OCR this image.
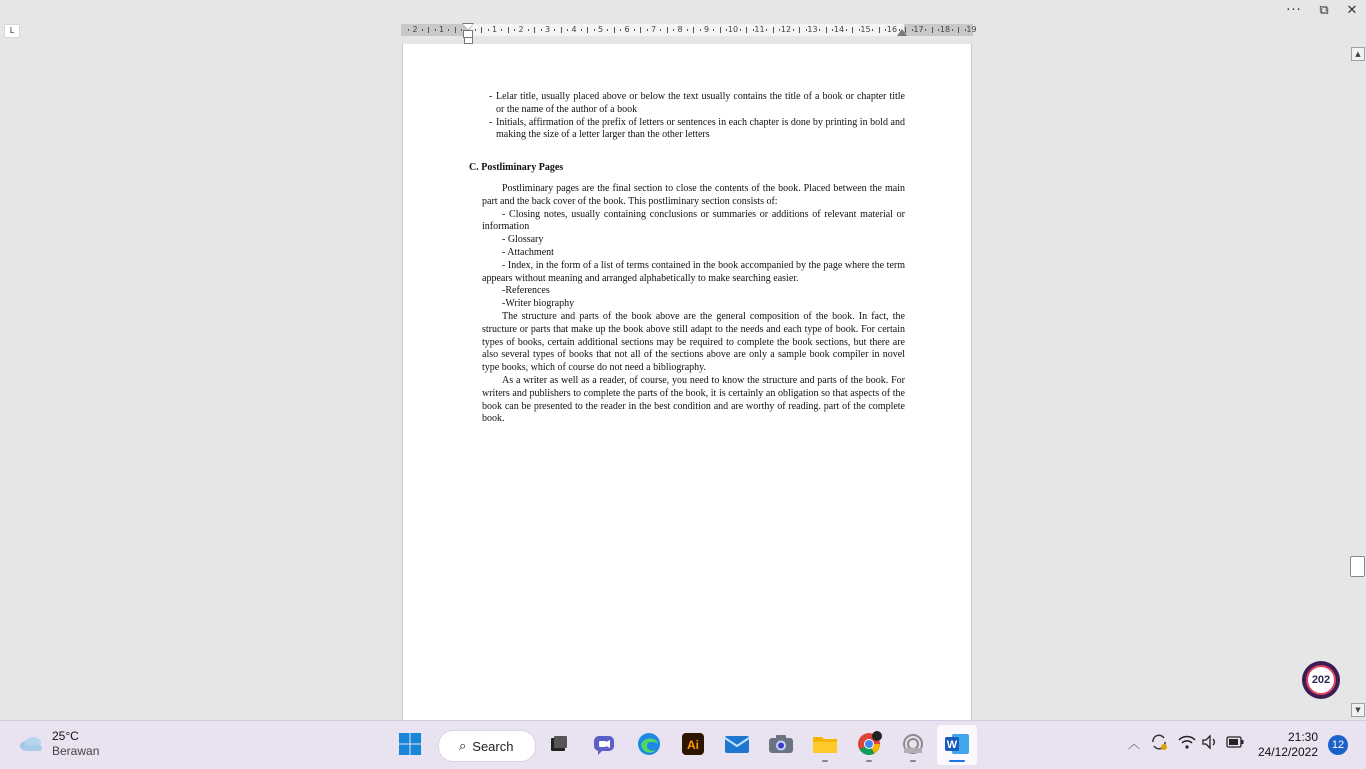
··· ⧉ ✕
L	2	1	1	2	3	4	5	6	7	8	9 10 11 12 13 14 15 16 17 18 19
- Lelar title, usually placed above or below the text usually contains the title of a book or chapter title or the name of the author of a book
- Initials, affirmation of the prefix of letters or sentences in each chapter is done by printing in bold and making the size of a letter larger than the other letters
C. Postliminary Pages
Postliminary pages are the final section to close the contents of the book. Placed between the main part and the back cover of the book. This postliminary section consists of:
- Closing notes, usually containing conclusions or summaries or additions of relevant material or information
- Glossary
- Attachment
- Index, in the form of a list of terms contained in the book accompanied by the page where the term appears without meaning and arranged alphabetically to make searching easier.
-References
-Writer biography
The structure and parts of the book above are the general composition of the book. In fact, the structure or parts that make up the book above still adapt to the needs and each type of book. For certain types of books, certain additional sections may be required to complete the book sections, but there are also several types of books that not all of the sections above are only a sample book compiler in novel type books, which of course do not need a bibliography.
As a writer as well as a reader, of course, you need to know the structure and parts of the book. For writers and publishers to complete the parts of the book, it is certainly an obligation so that aspects of the book can be presented to the reader in the best condition and are worthy of reading. part of the complete book.
▲
▼
202
25°C
Berawan	⌕ Search	Ai	W	︿	21:30
24/12/2022	12
